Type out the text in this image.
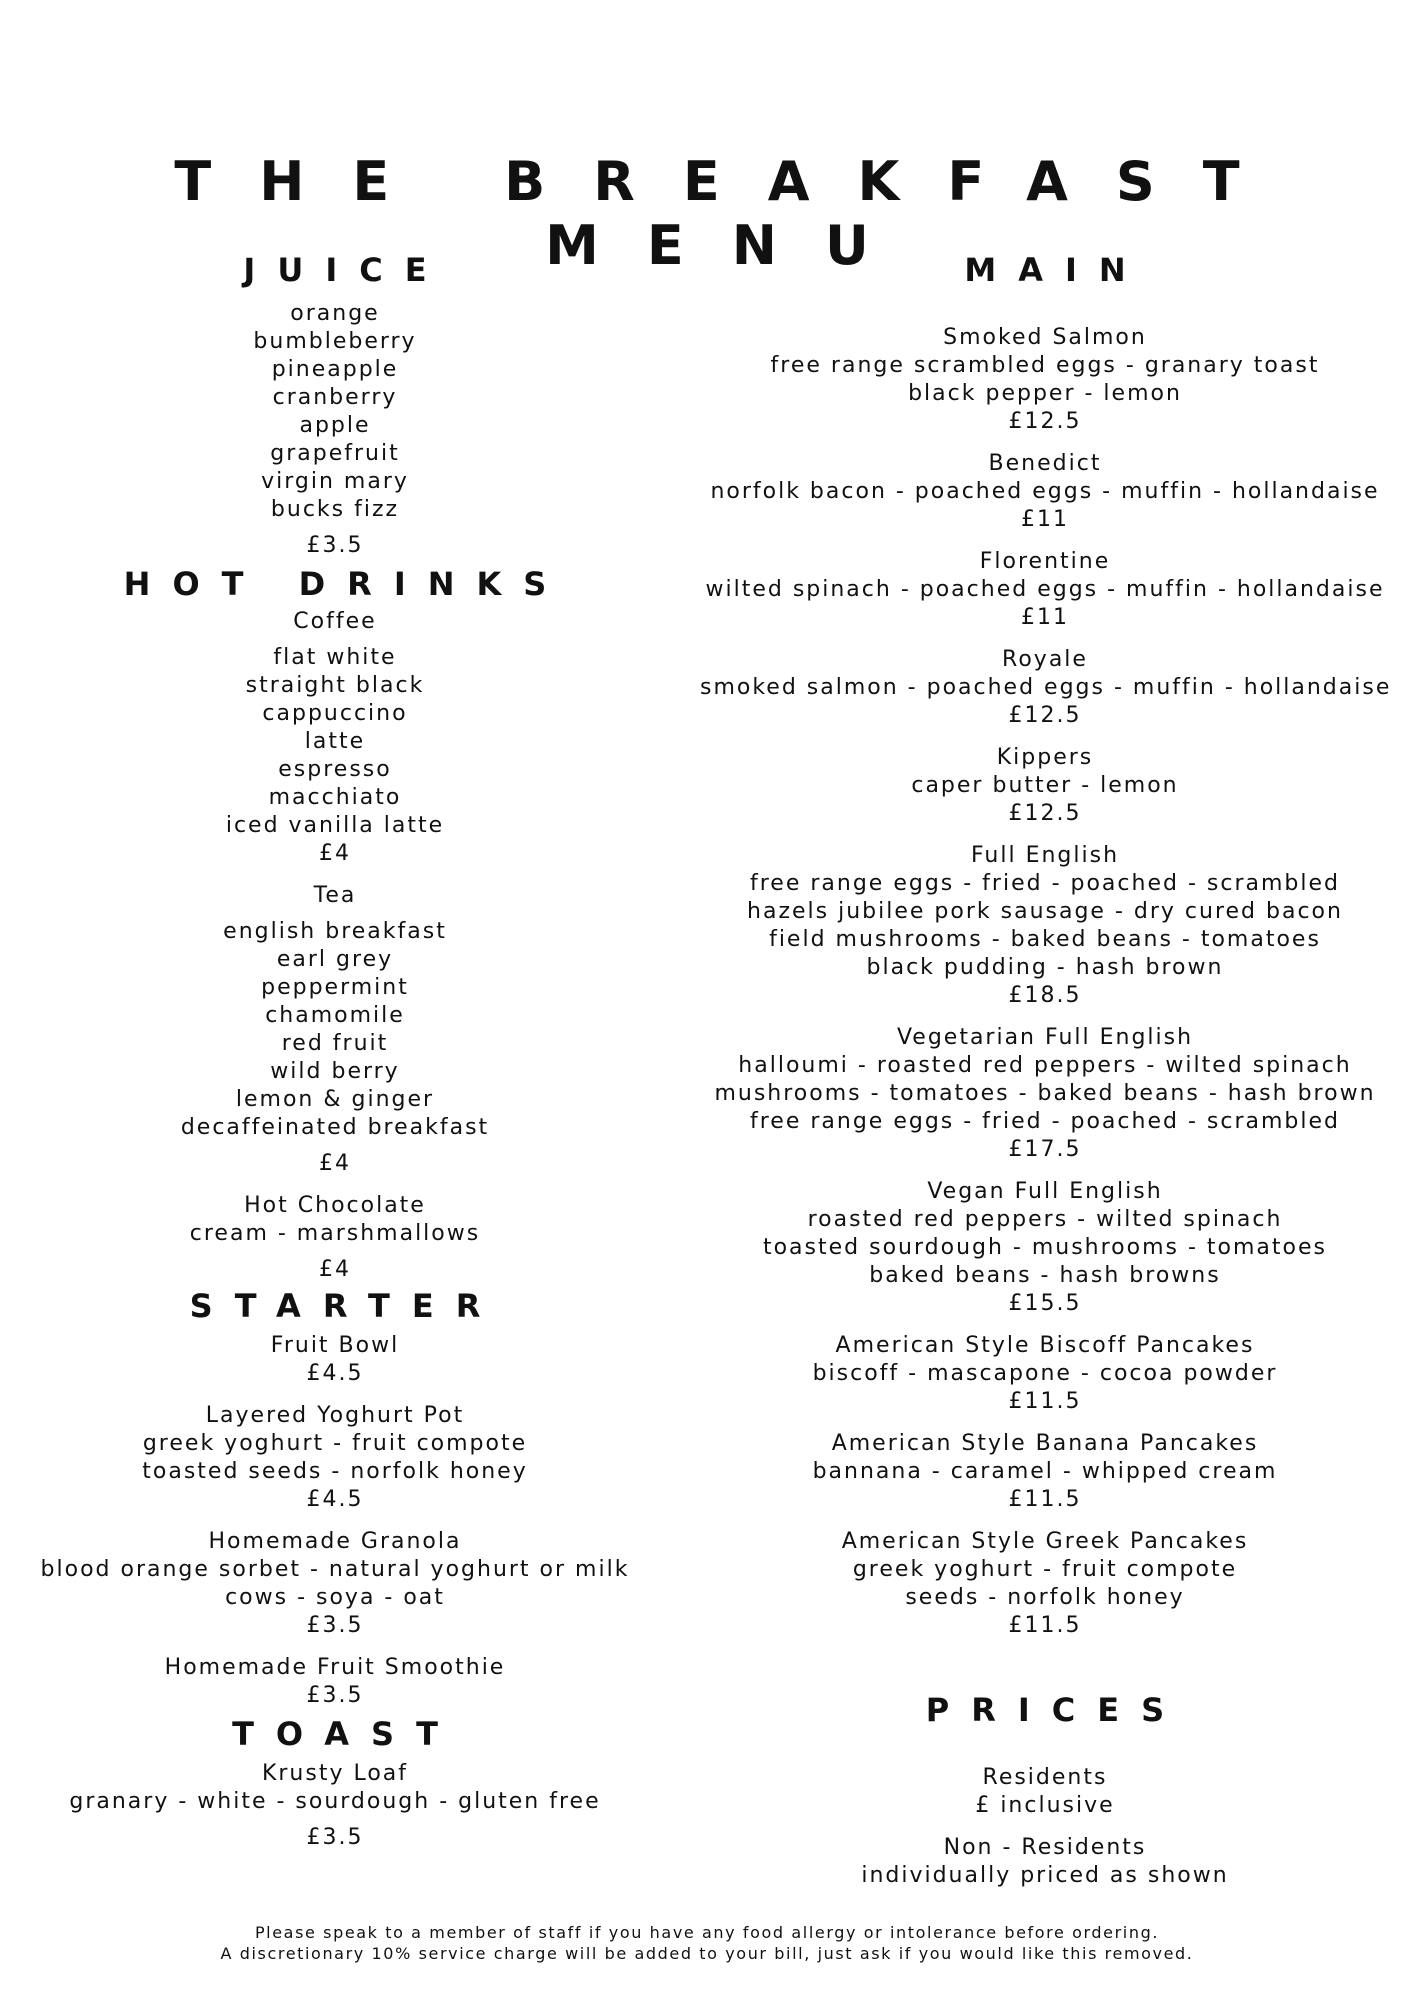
THE BREAKFAST MENU
JUICE
orange
bumbleberry
pineapple
cranberry
apple
grapefruit
virgin mary
bucks fizz
£3.5
HOT DRINKS
Coffee
flat white
straight black
cappuccino
latte
espresso
macchiato
iced vanilla latte
£4
Tea
english breakfast
earl grey
peppermint
chamomile
red fruit
wild berry
lemon & ginger
decaffeinated breakfast
£4
Hot Chocolate
cream - marshmallows
£4
STARTER
Fruit Bowl
£4.5
Layered Yoghurt Pot
greek yoghurt - fruit compote
toasted seeds - norfolk honey
£4.5
Homemade Granola
blood orange sorbet - natural yoghurt or milk
cows - soya - oat
£3.5
Homemade Fruit Smoothie
£3.5
TOAST
Krusty Loaf
granary - white - sourdough - gluten free
£3.5
MAIN
Smoked Salmon
free range scrambled eggs - granary toast
black pepper - lemon
£12.5
Benedict
norfolk bacon - poached eggs - muffin - hollandaise
£11
Florentine
wilted spinach - poached eggs - muffin - hollandaise
£11
Royale
smoked salmon - poached eggs - muffin - hollandaise
£12.5
Kippers
caper butter - lemon
£12.5
Full English
free range eggs - fried - poached - scrambled
hazels jubilee pork sausage - dry cured bacon
field mushrooms - baked beans - tomatoes
black pudding - hash brown
£18.5
Vegetarian Full English
halloumi - roasted red peppers - wilted spinach
mushrooms - tomatoes - baked beans - hash brown
free range eggs - fried - poached - scrambled
£17.5
Vegan Full English
roasted red peppers - wilted spinach
toasted sourdough - mushrooms - tomatoes
baked beans - hash browns
£15.5
American Style Biscoff Pancakes
biscoff - mascapone - cocoa powder
£11.5
American Style Banana Pancakes
bannana - caramel - whipped cream
£11.5
American Style Greek Pancakes
greek yoghurt - fruit compote
seeds - norfolk honey
£11.5
PRICES
Residents
£ inclusive
Non - Residents
individually priced as shown
Please speak to a member of staff if you have any food allergy or intolerance before ordering.
A discretionary 10% service charge will be added to your bill, just ask if you would like this removed.
